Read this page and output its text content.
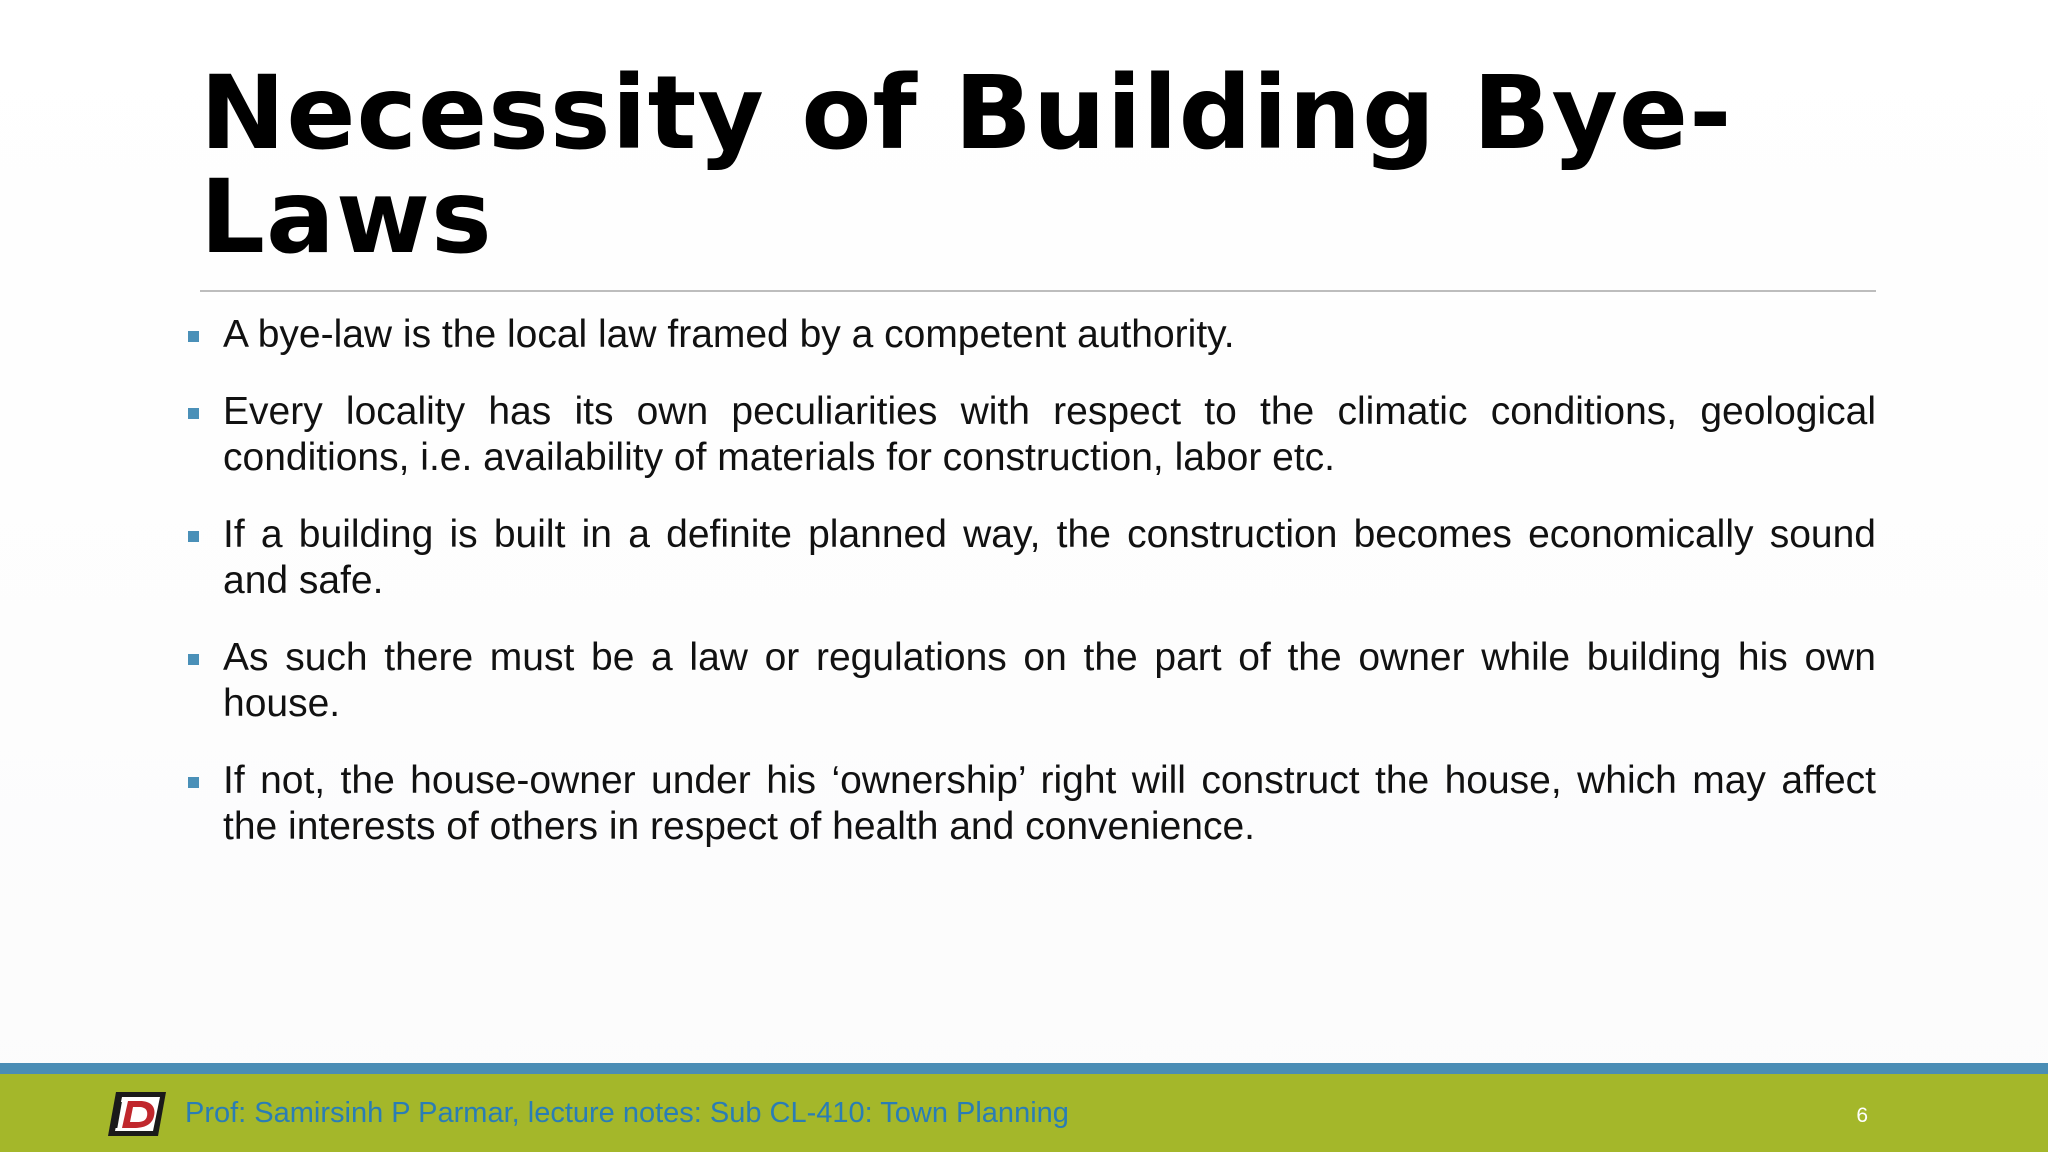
Necessity of Building Bye-Laws
A bye-law is the local law framed by a competent authority.
Every locality has its own peculiarities with respect to the climatic conditions, geological conditions, i.e. availability of materials for construction, labor etc.
If a building is built in a definite planned way, the construction becomes economically sound and safe.
As such there must be a law or regulations on the part of the owner while building his own house.
If not, the house-owner under his ‘ownership’ right will construct the house, which may affect the interests of others in respect of health and convenience.
Prof: Samirsinh P Parmar, lecture notes: Sub CL-410: Town Planning	6
